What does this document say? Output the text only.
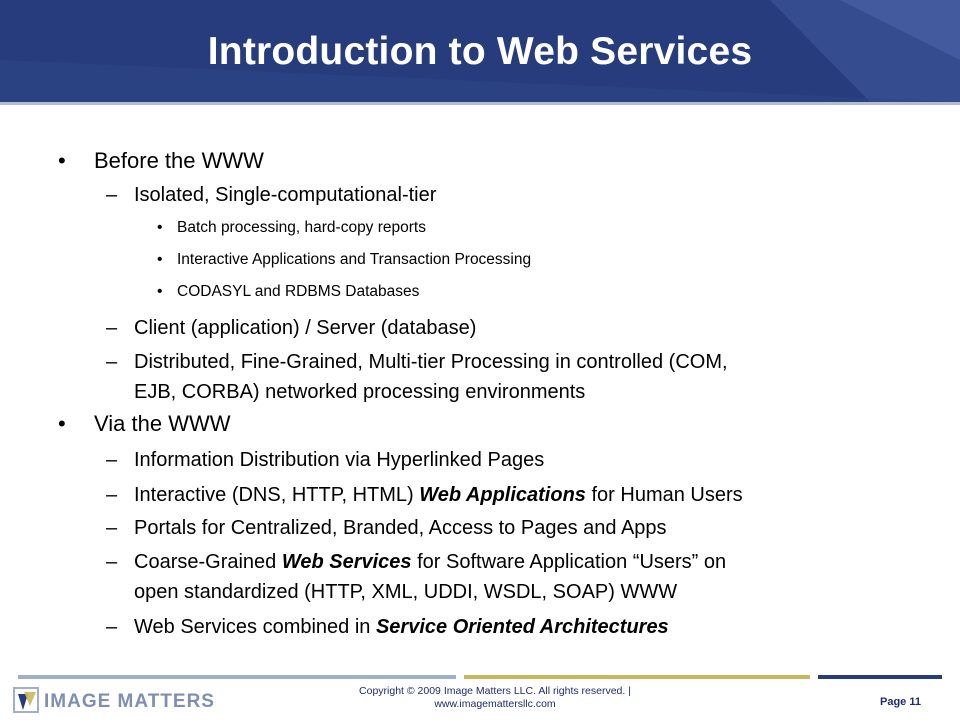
Introduction to Web Services
• Before the WWW
– Isolated, Single-computational-tier
• Batch processing, hard-copy reports
• Interactive Applications and Transaction Processing
• CODASYL and RDBMS Databases
– Client (application) / Server (database)
– Distributed, Fine-Grained, Multi-tier Processing in controlled (COM,
EJB, CORBA) networked processing environments
• Via the WWW
– Information Distribution via Hyperlinked Pages
– Interactive (DNS, HTTP, HTML) Web Applications for Human Users
– Portals for Centralized, Branded, Access to Pages and Apps
– Coarse-Grained Web Services for Software Application “Users” on
open standardized (HTTP, XML, UDDI, WSDL, SOAP) WWW
– Web Services combined in Service Oriented Architectures
IMAGE MATTERS	Copyright © 2009 Image Matters LLC. All rights reserved. |
www.imagemattersllc.com	Page 11
